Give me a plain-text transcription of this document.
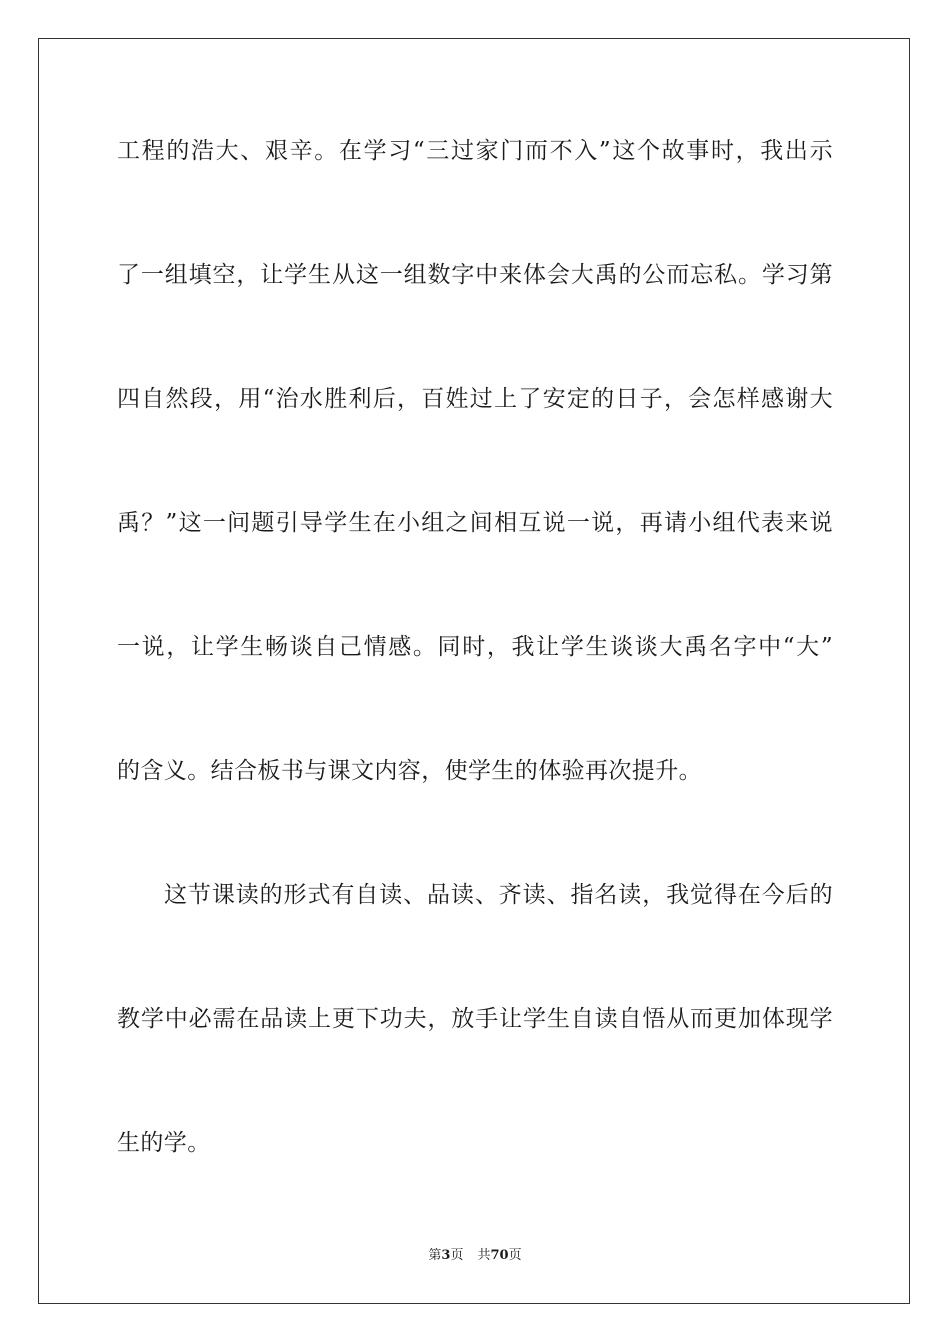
工程的浩大、艰辛。在学习“三过家门而不入”这个故事时，我出示
了一组填空，让学生从这一组数字中来体会大禹的公而忘私。学习第
四自然段，用“治水胜利后，百姓过上了安定的日子，会怎样感谢大
禹？”这一问题引导学生在小组之间相互说一说，再请小组代表来说
一说，让学生畅谈自己情感。同时，我让学生谈谈大禹名字中“大”
的含义。结合板书与课文内容，使学生的体验再次提升。
这节课读的形式有自读、品读、齐读、指名读，我觉得在今后的
教学中必需在品读上更下功夫，放手让学生自读自悟从而更加体现学
生的学。
第3页 共70页
